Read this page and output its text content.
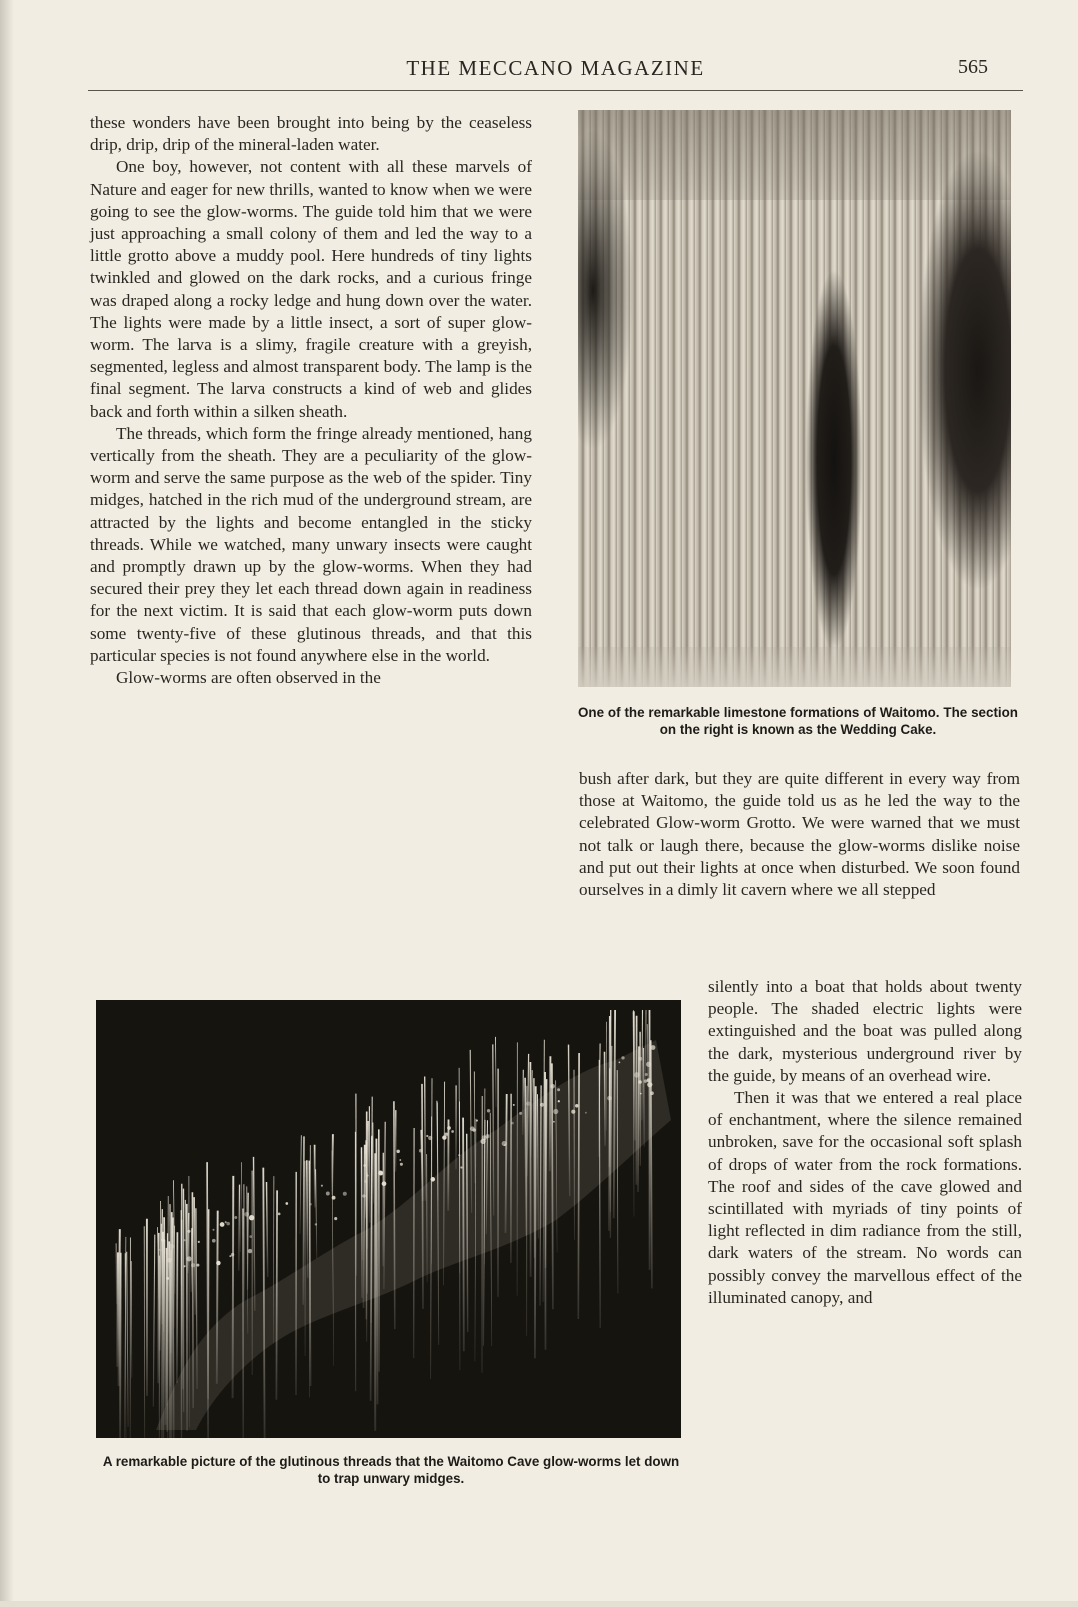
THE MECCANO MAGAZINE	565

these wonders have been brought into being by the ceaseless drip, drip, drip of the mineral-laden water.

One boy, however, not content with all these marvels of Nature and eager for new thrills, wanted to know when we were going to see the glow-worms. The guide told him that we were just approaching a small colony of them and led the way to a little grotto above a muddy pool. Here hundreds of tiny lights twinkled and glowed on the dark rocks, and a curious fringe was draped along a rocky ledge and hung down over the water. The lights were made by a little insect, a sort of super glow-worm. The larva is a slimy, fragile creature with a greyish, segmented, legless and almost transparent body. The lamp is the final segment. The larva constructs a kind of web and glides back and forth within a silken sheath.

The threads, which form the fringe already mentioned, hang vertically from the sheath. They are a peculiarity of the glow-worm and serve the same purpose as the web of the spider. Tiny midges, hatched in the rich mud of the underground stream, are attracted by the lights and become entangled in the sticky threads. While we watched, many unwary insects were caught and promptly drawn up by the glow-worms. When they had secured their prey they let each thread down again in readiness for the next victim. It is said that each glow-worm puts down some twenty-five of these glutinous threads, and that this particular species is not found anywhere else in the world.

Glow-worms are often observed in the

One of the remarkable limestone formations of Waitomo. The section on the right is known as the Wedding Cake.

bush after dark, but they are quite different in every way from those at Waitomo, the guide told us as he led the way to the celebrated Glow-worm Grotto. We were warned that we must not talk or laugh there, because the glow-worms dislike noise and put out their lights at once when disturbed. We soon found ourselves in a dimly lit cavern where we all stepped

silently into a boat that holds about twenty people. The shaded electric lights were extinguished and the boat was pulled along the dark, mysterious underground river by the guide, by means of an overhead wire.

Then it was that we entered a real place of enchantment, where the silence remained unbroken, save for the occasional soft splash of drops of water from the rock formations. The roof and sides of the cave glowed and scintillated with myriads of tiny points of light reflected in dim radiance from the still, dark waters of the stream. No words can possibly convey the marvellous effect of the illuminated canopy, and

A remarkable picture of the glutinous threads that the Waitomo Cave glow-worms let down to trap unwary midges.
